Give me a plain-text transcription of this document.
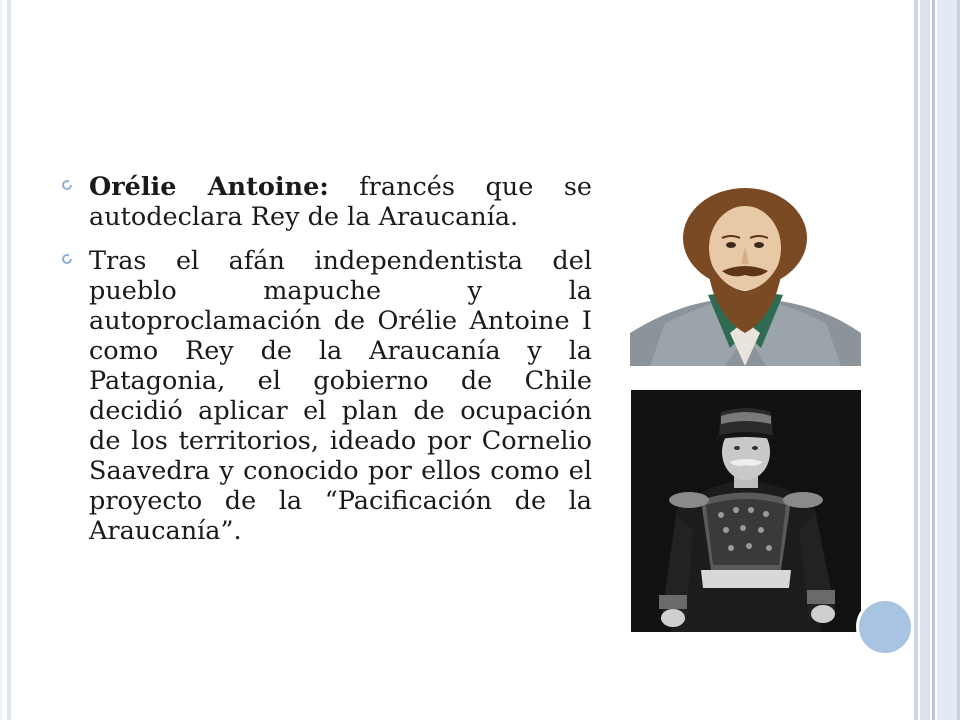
Orélie Antoine: francés que se autodeclara Rey de la Araucanía.
Tras el afán independentista del pueblo mapuche y la autoproclamación de Orélie Antoine I como Rey de la Araucanía y la Patagonia, el gobierno de Chile decidió aplicar el plan de ocupación de los territorios, ideado por Cornelio Saavedra y conocido por ellos como el proyecto de la “Pacificación de la Araucanía”.
